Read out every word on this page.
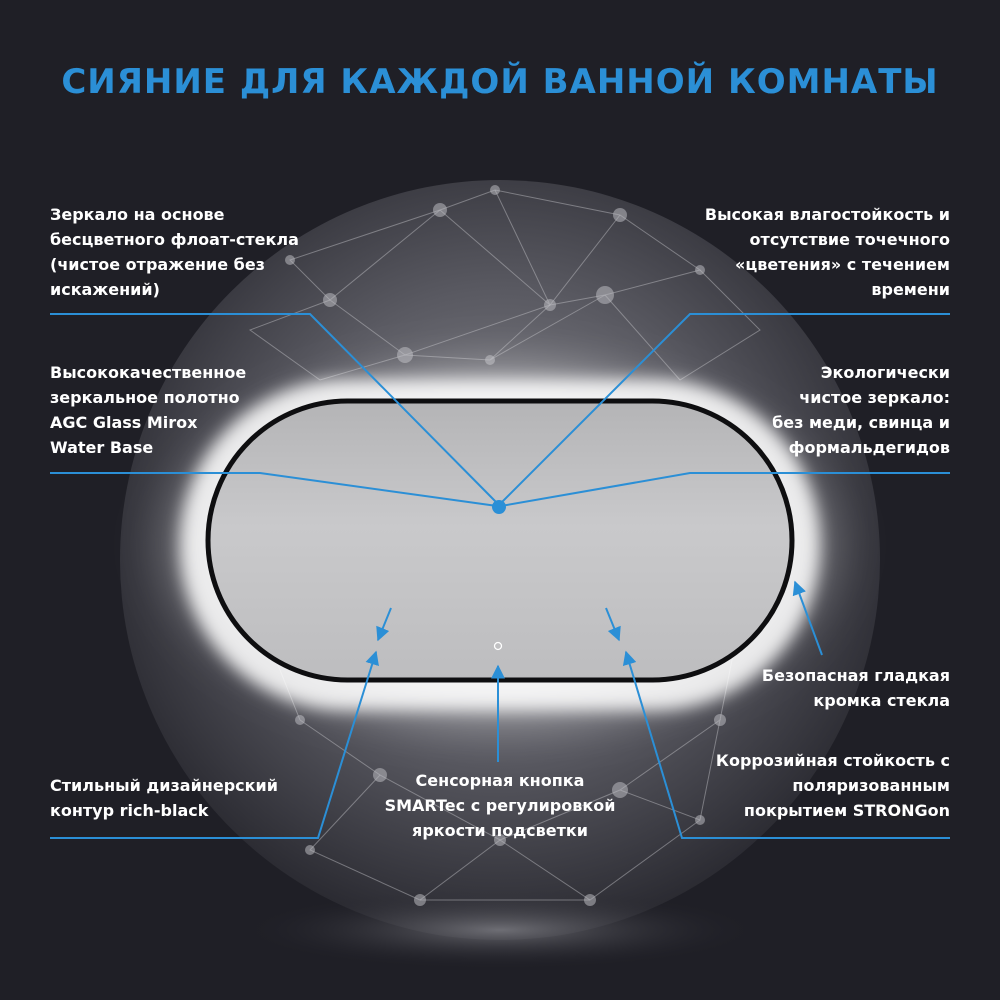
СИЯНИЕ ДЛЯ КАЖДОЙ ВАННОЙ КОМНАТЫ
Зеркало на основе
бесцветного флоат-стекла
(чистое отражение без
искажений)
Высокая влагостойкость и
отсутствие точечного
«цветения» с течением
времени
Высококачественное
зеркальное полотно
AGC Glass Mirox
Water Base
Экологически
чистое зеркало:
без меди, свинца и
формальдегидов
Безопасная гладкая
кромка стекла
Стильный дизайнерский
контур rich-black
Сенсорная кнопка
SMARTec с регулировкой
яркости подсветки
Коррозийная стойкость с
поляризованным
покрытием STRONGon
